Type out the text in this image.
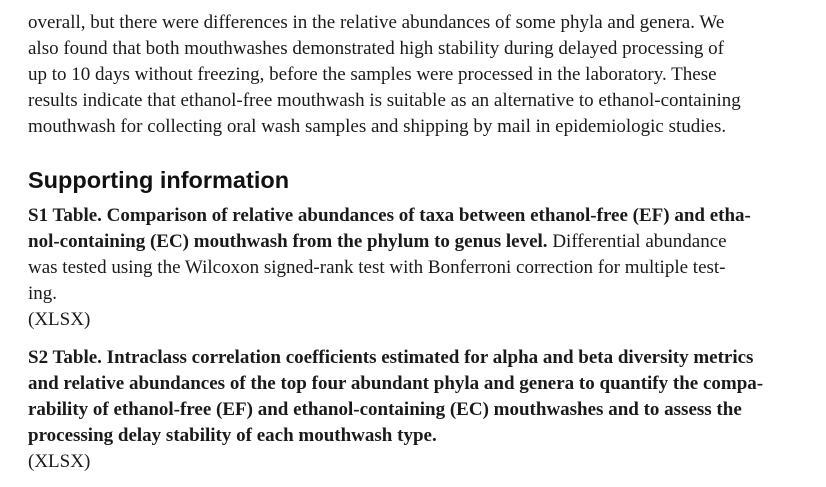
overall, but there were differences in the relative abundances of some phyla and genera. We
also found that both mouthwashes demonstrated high stability during delayed processing of
up to 10 days without freezing, before the samples were processed in the laboratory. These
results indicate that ethanol-free mouthwash is suitable as an alternative to ethanol-containing
mouthwash for collecting oral wash samples and shipping by mail in epidemiologic studies.

Supporting information

S1 Table. Comparison of relative abundances of taxa between ethanol-free (EF) and etha-
nol-containing (EC) mouthwash from the phylum to genus level. Differential abundance
was tested using the Wilcoxon signed-rank test with Bonferroni correction for multiple test-
ing.

(XLSX)

S2 Table. Intraclass correlation coefficients estimated for alpha and beta diversity metrics
and relative abundances of the top four abundant phyla and genera to quantify the compa-
rability of ethanol-free (EF) and ethanol-containing (EC) mouthwashes and to assess the
processing delay stability of each mouthwash type.

(XLSX)
